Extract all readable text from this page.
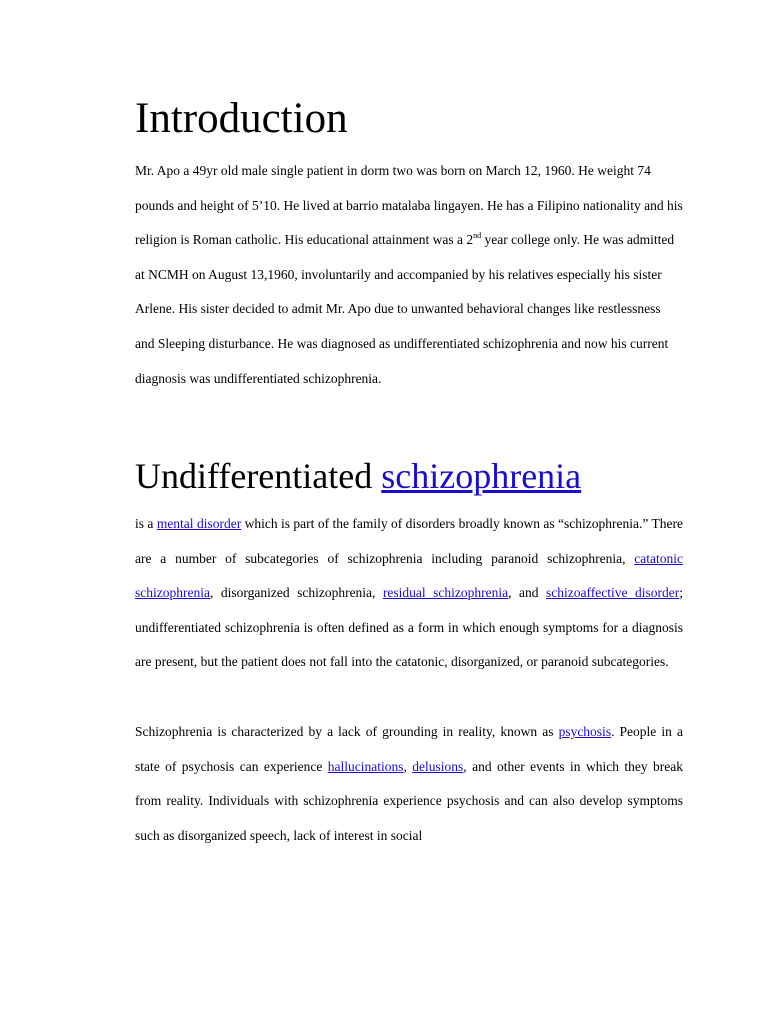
Introduction

Mr. Apo a 49yr old male single patient in dorm two was born on March 12, 1960. He weight 74 pounds and height of 5’10. He lived at barrio matalaba lingayen. He has a Filipino nationality and his religion is Roman catholic. His educational attainment was a 2nd year college only. He was admitted at NCMH on August 13,1960, involuntarily and accompanied by his relatives especially his sister Arlene. His sister decided to admit Mr. Apo due to unwanted behavioral changes like restlessness and Sleeping disturbance. He was diagnosed as undifferentiated schizophrenia and now his current diagnosis was undifferentiated schizophrenia.

Undifferentiated schizophrenia

is a mental disorder which is part of the family of disorders broadly known as “schizophrenia.” There are a number of subcategories of schizophrenia including paranoid schizophrenia, catatonic schizophrenia, disorganized schizophrenia, residual schizophrenia, and schizoaffective disorder; undifferentiated schizophrenia is often defined as a form in which enough symptoms for a diagnosis are present, but the patient does not fall into the catatonic, disorganized, or paranoid subcategories.

Schizophrenia is characterized by a lack of grounding in reality, known as psychosis. People in a state of psychosis can experience hallucinations, delusions, and other events in which they break from reality. Individuals with schizophrenia experience psychosis and can also develop symptoms such as disorganized speech, lack of interest in social
